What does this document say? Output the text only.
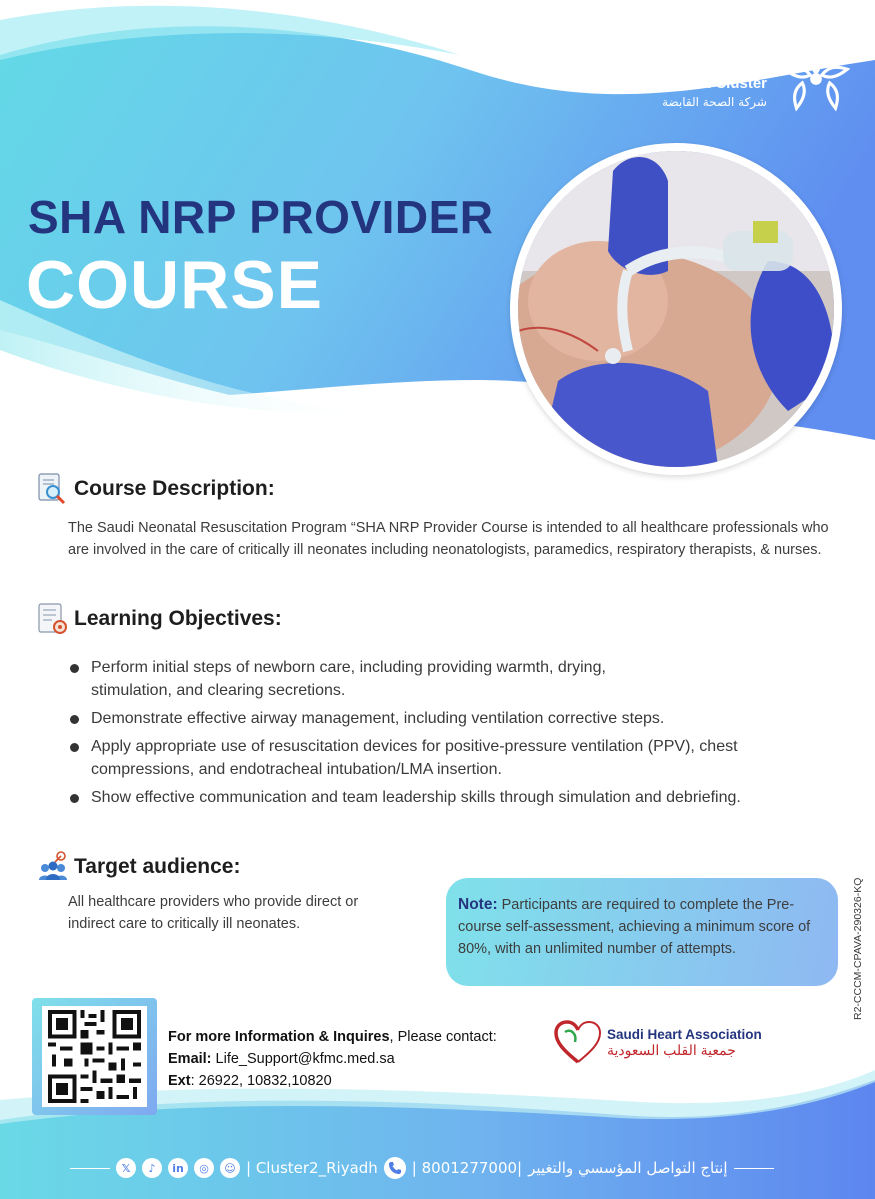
تجمع الرياض الصحي الثاني
Riyadh Second Health Cluster
شركة الصحة القابضة
SHA NRP PROVIDER
COURSE
Course Description:
The Saudi Neonatal Resuscitation Program “SHA NRP Provider Course is intended to all healthcare professionals who are involved in the care of critically ill neonates including neonatologists, paramedics, respiratory therapists, & nurses.
Learning Objectives:
Perform initial steps of newborn care, including providing warmth, drying, stimulation, and clearing secretions.
Demonstrate effective airway management, including ventilation corrective steps.
Apply appropriate use of resuscitation devices for positive-pressure ventilation (PPV), chest compressions, and endotracheal intubation/LMA insertion.
Show effective communication and team leadership skills through simulation and debriefing.
Target audience:
All healthcare providers who provide direct or indirect care to critically ill neonates.
Note: Participants are required to complete the Pre-course self-assessment, achieving a minimum score of 80%, with an unlimited number of attempts.	R2-CCCM-CPAVA-290326-KQ
For more Information & Inquires, Please contact:
Email: Life_Support@kfmc.med.sa
Ext: 26922, 10832,10820
Saudi Heart Association
جمعية القلب السعودية
𝕏	♪	in	◎	☺ | Cluster2_Riyadh | 8001277000| إنتاج التواصل المؤسسي والتغيير
